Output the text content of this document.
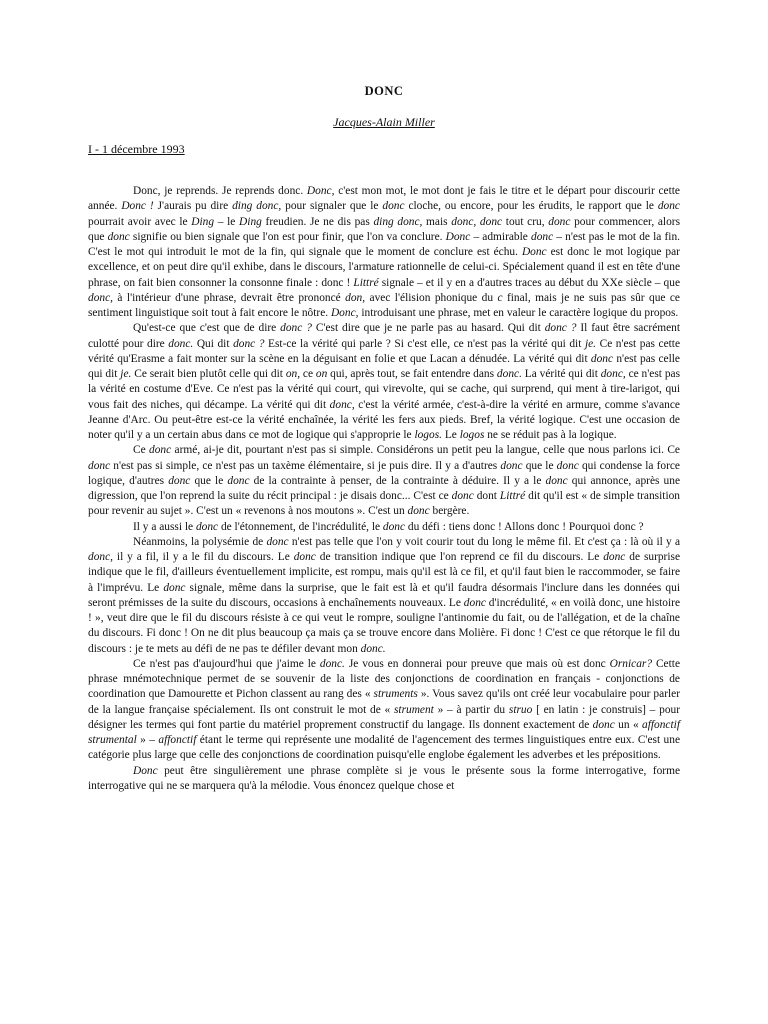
DONC
Jacques-Alain Miller
I - 1 décembre 1993

Donc, je reprends. Je reprends donc. Donc, c'est mon mot, le mot dont je fais le titre et le départ pour discourir cette année. Donc ! J'aurais pu dire ding donc, pour signaler que le donc cloche, ou encore, pour les érudits, le rapport que le donc pourrait avoir avec le Ding – le Ding freudien. Je ne dis pas ding donc, mais donc, donc tout cru, donc pour commencer, alors que donc signifie ou bien signale que l'on est pour finir, que l'on va conclure. Donc – admirable donc – n'est pas le mot de la fin. C'est le mot qui introduit le mot de la fin, qui signale que le moment de conclure est échu. Donc est donc le mot logique par excellence, et on peut dire qu'il exhibe, dans le discours, l'armature rationnelle de celui-ci. Spécialement quand il est en tête d'une phrase, on fait bien consonner la consonne finale : donc ! Littré signale – et il y en a d'autres traces au début du XXe siècle – que donc, à l'intérieur d'une phrase, devrait être prononcé don, avec l'élision phonique du c final, mais je ne suis pas sûr que ce sentiment linguistique soit tout à fait encore le nôtre. Donc, introduisant une phrase, met en valeur le caractère logique du propos.

Qu'est-ce que c'est que de dire donc ? C'est dire que je ne parle pas au hasard. Qui dit donc ? Il faut être sacrément culotté pour dire donc. Qui dit donc ? Est-ce la vérité qui parle ? Si c'est elle, ce n'est pas la vérité qui dit je. Ce n'est pas cette vérité qu'Erasme a fait monter sur la scène en la déguisant en folie et que Lacan a dénudée. La vérité qui dit donc n'est pas celle qui dit je. Ce serait bien plutôt celle qui dit on, ce on qui, après tout, se fait entendre dans donc. La vérité qui dit donc, ce n'est pas la vérité en costume d'Eve. Ce n'est pas la vérité qui court, qui virevolte, qui se cache, qui surprend, qui ment à tire-larigot, qui vous fait des niches, qui décampe. La vérité qui dit donc, c'est la vérité armée, c'est-à-dire la vérité en armure, comme s'avance Jeanne d'Arc. Ou peut-être est-ce la vérité enchaînée, la vérité les fers aux pieds. Bref, la vérité logique. C'est une occasion de noter qu'il y a un certain abus dans ce mot de logique qui s'approprie le logos. Le logos ne se réduit pas à la logique.

Ce donc armé, ai-je dit, pourtant n'est pas si simple. Considérons un petit peu la langue, celle que nous parlons ici. Ce donc n'est pas si simple, ce n'est pas un taxème élémentaire, si je puis dire. Il y a d'autres donc que le donc qui condense la force logique, d'autres donc que le donc de la contrainte à penser, de la contrainte à déduire. Il y a le donc qui annonce, après une digression, que l'on reprend la suite du récit principal : je disais donc... C'est ce donc dont Littré dit qu'il est « de simple transition pour revenir au sujet ». C'est un « revenons à nos moutons ». C'est un donc bergère.

Il y a aussi le donc de l'étonnement, de l'incrédulité, le donc du défi : tiens donc ! Allons donc ! Pourquoi donc ?

Néanmoins, la polysémie de donc n'est pas telle que l'on y voit courir tout du long le même fil. Et c'est ça : là où il y a donc, il y a fil, il y a le fil du discours. Le donc de transition indique que l'on reprend ce fil du discours. Le donc de surprise indique que le fil, d'ailleurs éventuellement implicite, est rompu, mais qu'il est là ce fil, et qu'il faut bien le raccommoder, se faire à l'imprévu. Le donc signale, même dans la surprise, que le fait est là et qu'il faudra désormais l'inclure dans les données qui seront prémisses de la suite du discours, occasions à enchaînements nouveaux. Le donc d'incrédulité, « en voilà donc, une histoire ! », veut dire que le fil du discours résiste à ce qui veut le rompre, souligne l'antinomie du fait, ou de l'allégation, et de la chaîne du discours. Fi donc ! On ne dit plus beaucoup ça mais ça se trouve encore dans Molière. Fi donc ! C'est ce que rétorque le fil du discours : je te mets au défi de ne pas te défiler devant mon donc.

Ce n'est pas d'aujourd'hui que j'aime le donc. Je vous en donnerai pour preuve que mais où est donc Ornicar? Cette phrase mnémotechnique permet de se souvenir de la liste des conjonctions de coordination en français - conjonctions de coordination que Damourette et Pichon classent au rang des « struments ». Vous savez qu'ils ont créé leur vocabulaire pour parler de la langue française spécialement. Ils ont construit le mot de « strument » – à partir du struo [ en latin : je construis] – pour désigner les termes qui font partie du matériel proprement constructif du langage. Ils donnent exactement de donc un « affonctif strumental » – affonctif étant le terme qui représente une modalité de l'agencement des termes linguistiques entre eux. C'est une catégorie plus large que celle des conjonctions de coordination puisqu'elle englobe également les adverbes et les prépositions.

Donc peut être singulièrement une phrase complète si je vous le présente sous la forme interrogative, forme interrogative qui ne se marquera qu'à la mélodie. Vous énoncez quelque chose et
